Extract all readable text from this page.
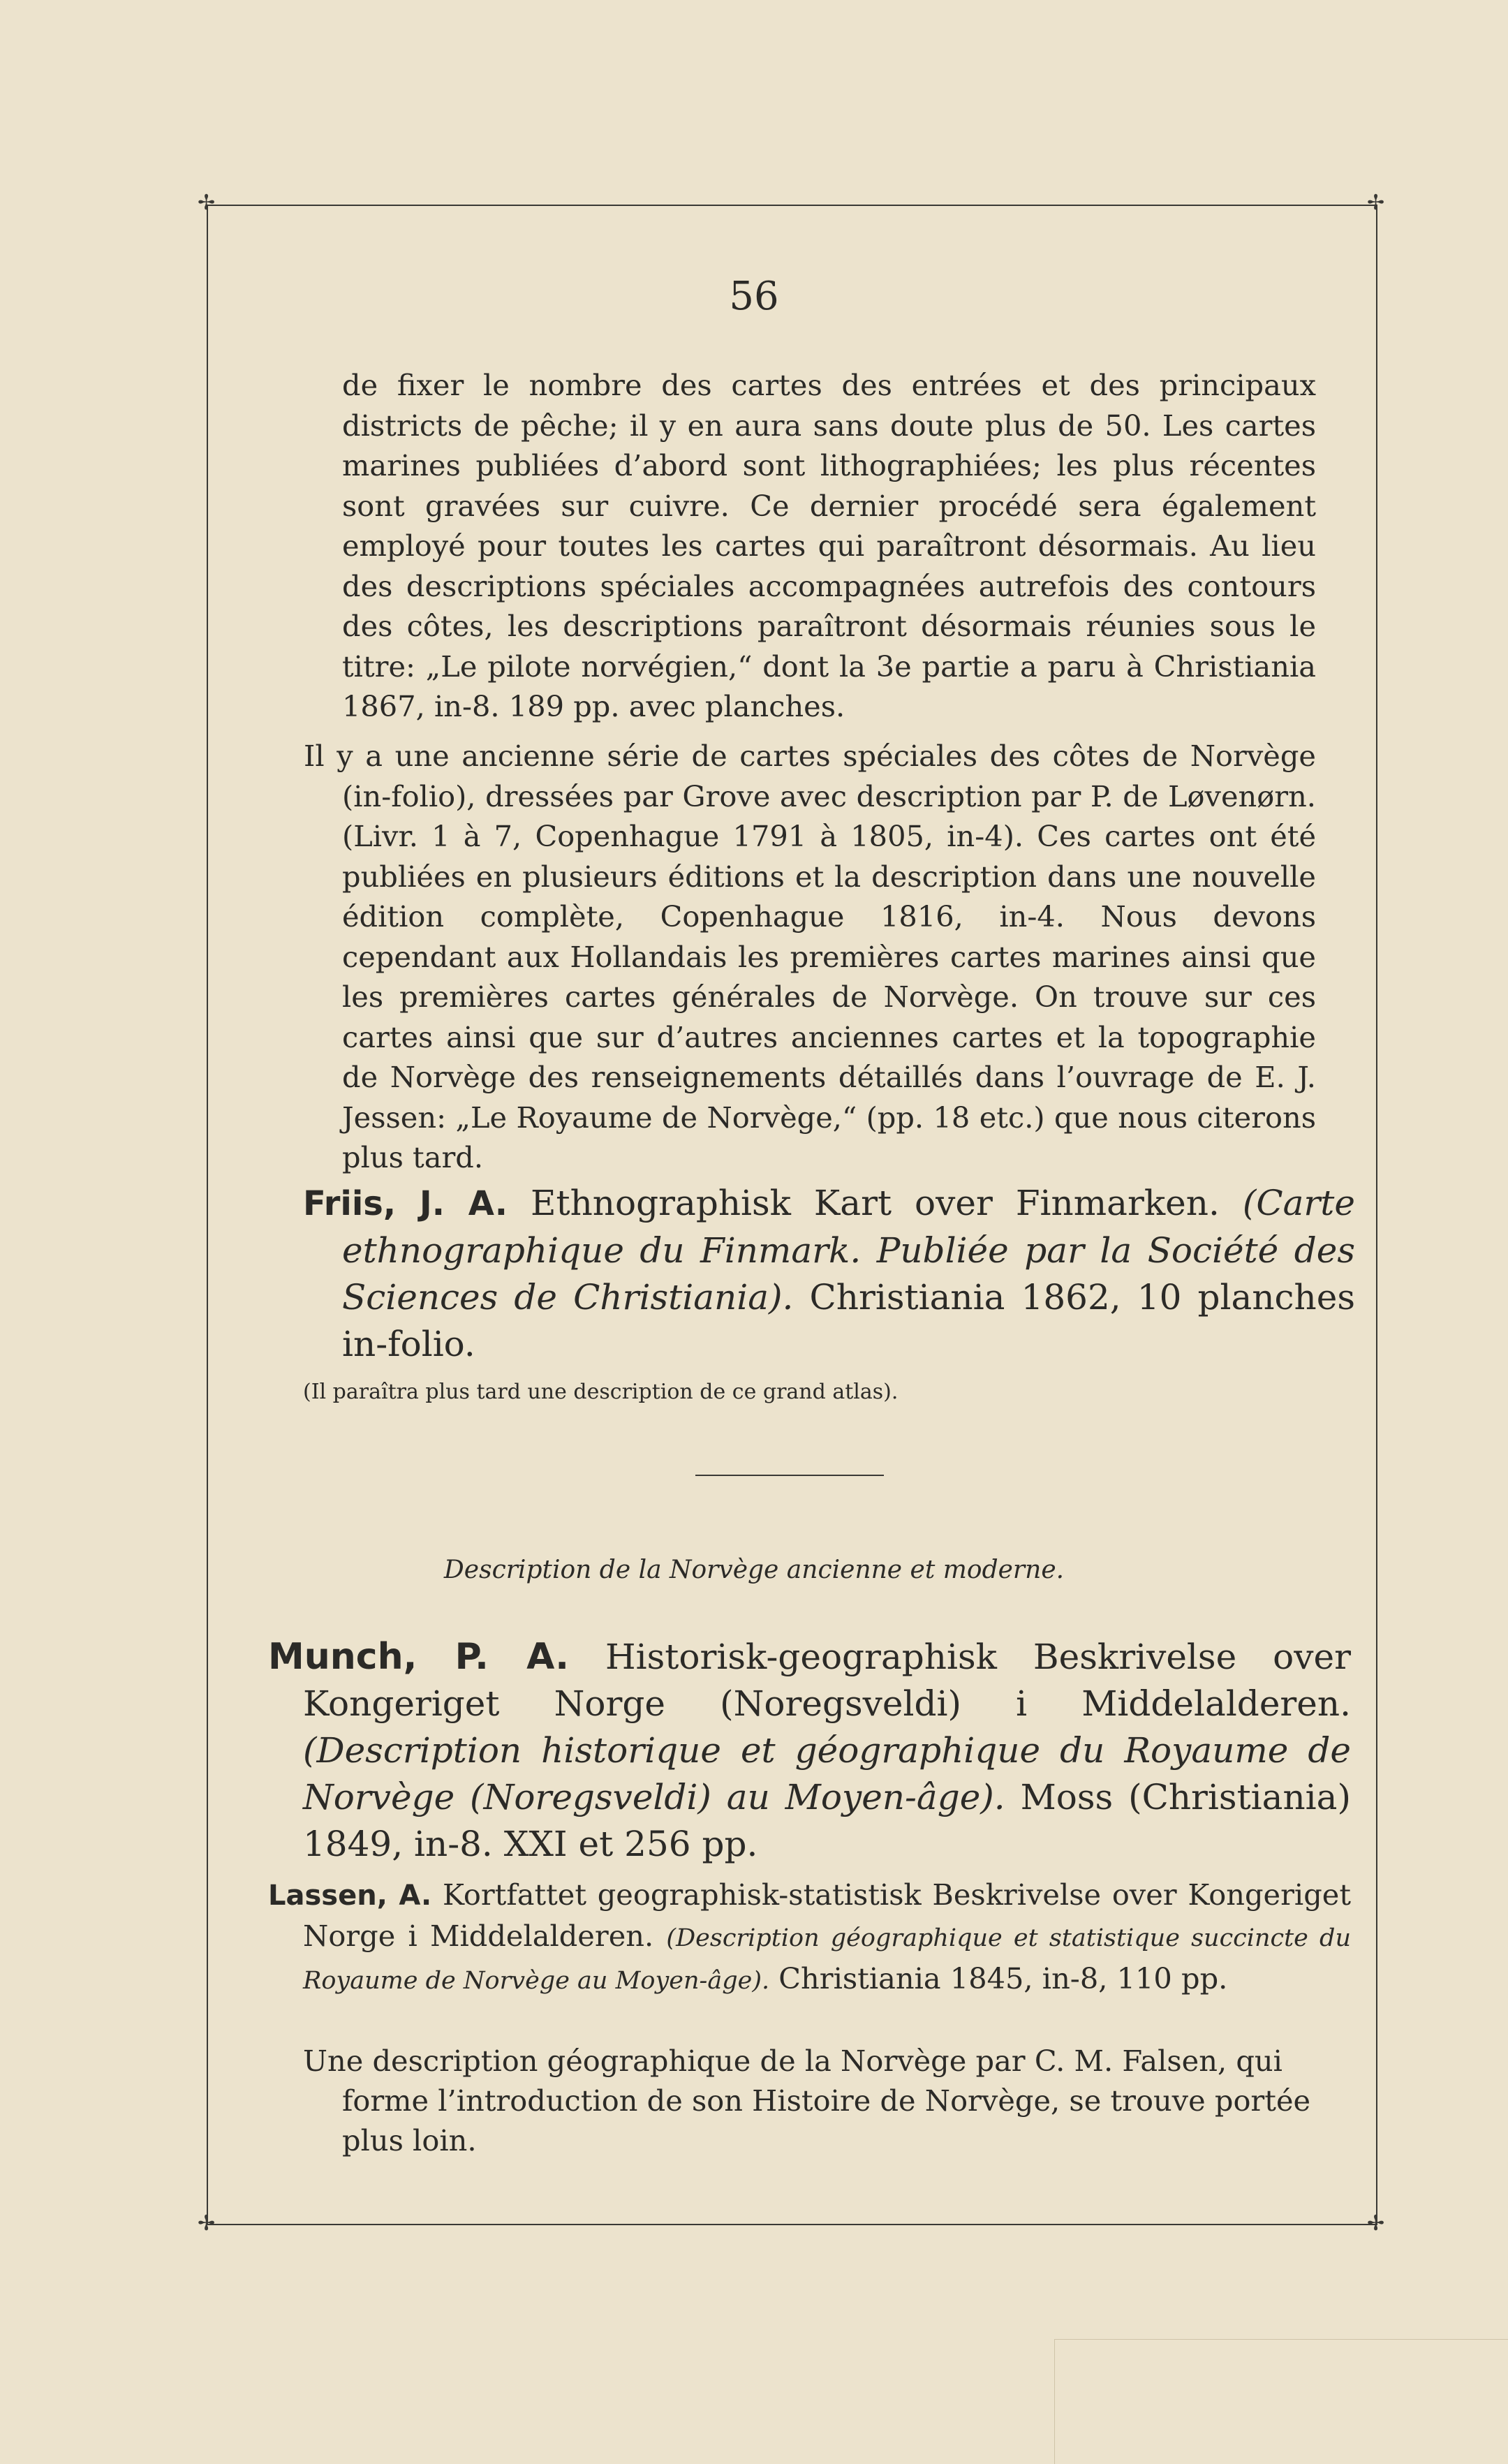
✢	✢
✢	✢
56

de fixer le nombre des cartes des entrées et des principaux districts de pêche; il y en aura sans doute plus de 50. Les cartes marines publiées d’abord sont lithographiées; les plus récentes sont gravées sur cuivre. Ce dernier procédé sera également employé pour toutes les cartes qui paraîtront désormais. Au lieu des descriptions spéciales accompagnées autrefois des contours des côtes, les descriptions paraîtront désormais réunies sous le titre: „Le pilote norvégien,“ dont la 3e partie a paru à Christiania 1867, in-8. 189 pp. avec planches.

Il y a une ancienne série de cartes spéciales des côtes de Norvège (in-folio), dressées par Grove avec description par P. de Løvenørn. (Livr. 1 à 7, Copenhague 1791 à 1805, in-4). Ces cartes ont été publiées en plusieurs éditions et la description dans une nouvelle édition complète, Copenhague 1816, in-4. Nous devons cependant aux Hollandais les premières cartes marines ainsi que les premières cartes générales de Norvège. On trouve sur ces cartes ainsi que sur d’autres anciennes cartes et la topographie de Norvège des renseignements détaillés dans l’ouvrage de E. J. Jessen: „Le Royaume de Norvège,“ (pp. 18 etc.) que nous citerons plus tard.

Friis, J. A. Ethnographisk Kart over Finmarken. (Carte ethnographique du Finmark. Publiée par la Société des Sciences de Christiania). Christiania 1862, 10 planches in-folio.

(Il paraîtra plus tard une description de ce grand atlas).
Description de la Norvège ancienne et moderne.

Munch, P. A. Historisk-geographisk Beskrivelse over Kongeriget Norge (Noregsveldi) i Middelalderen. (Description historique et géographique du Royaume de Norvège (Noregsveldi) au Moyen-âge). Moss (Christiania) 1849, in-8. XXI et 256 pp.

Lassen, A. Kortfattet geographisk-statistisk Beskrivelse over Kongeriget Norge i Middelalderen. (Description géographique et statistique succincte du Royaume de Norvège au Moyen-âge). Christiania 1845, in-8, 110 pp.

Une description géographique de la Norvège par C. M. Falsen, qui forme l’introduction de son Histoire de Norvège, se trouve portée plus loin.
